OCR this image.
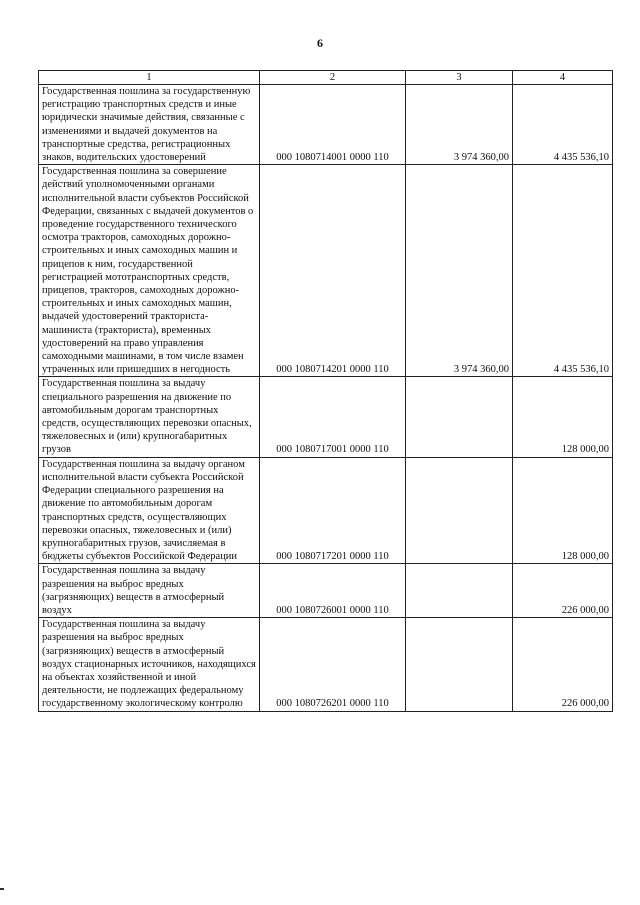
6
1	2	3	4
Государственная пошлина за государственную регистрацию транспортных средств и иные юридически значимые действия, связанные с изменениями и выдачей документов на транспортные средства, регистрационных знаков, водительских удостоверений	000 1080714001 0000 110	3 974 360,00	4 435 536,10
Государственная пошлина за совершение действий уполномоченными органами исполнительной власти субъектов Российской Федерации, связанных с выдачей документов о проведение государственного технического осмотра тракторов, самоходных дорожно-строительных и иных самоходных машин и прицепов к ним, государственной регистрацией мототранспортных средств, прицепов, тракторов, самоходных дорожно-строительных и иных самоходных машин, выдачей удостоверений тракториста-машиниста (тракториста), временных удостоверений на право управления самоходными машинами, в том числе взамен утраченных или пришедших в негодность	000 1080714201 0000 110	3 974 360,00	4 435 536,10
Государственная пошлина за выдачу специального разрешения на движение по автомобильным дорогам транспортных средств, осуществляющих перевозки опасных, тяжеловесных и (или) крупногабаритных грузов	000 1080717001 0000 110		128 000,00
Государственная пошлина за выдачу органом исполнительной власти субъекта Российской Федерации специального разрешения на движение по автомобильным дорогам транспортных средств, осуществляющих перевозки опасных, тяжеловесных и (или) крупногабаритных грузов, зачисляемая в бюджеты субъектов Российской Федерации	000 1080717201 0000 110		128 000,00
Государственная пошлина за выдачу разрешения на выброс вредных (загрязняющих) веществ в атмосферный воздух	000 1080726001 0000 110		226 000,00
Государственная пошлина за выдачу разрешения на выброс вредных (загрязняющих) веществ в атмосферный воздух стационарных источников, находящихся на объектах хозяйственной и иной деятельности, не подлежащих федеральному государственному экологическому контролю	000 1080726201 0000 110		226 000,00
